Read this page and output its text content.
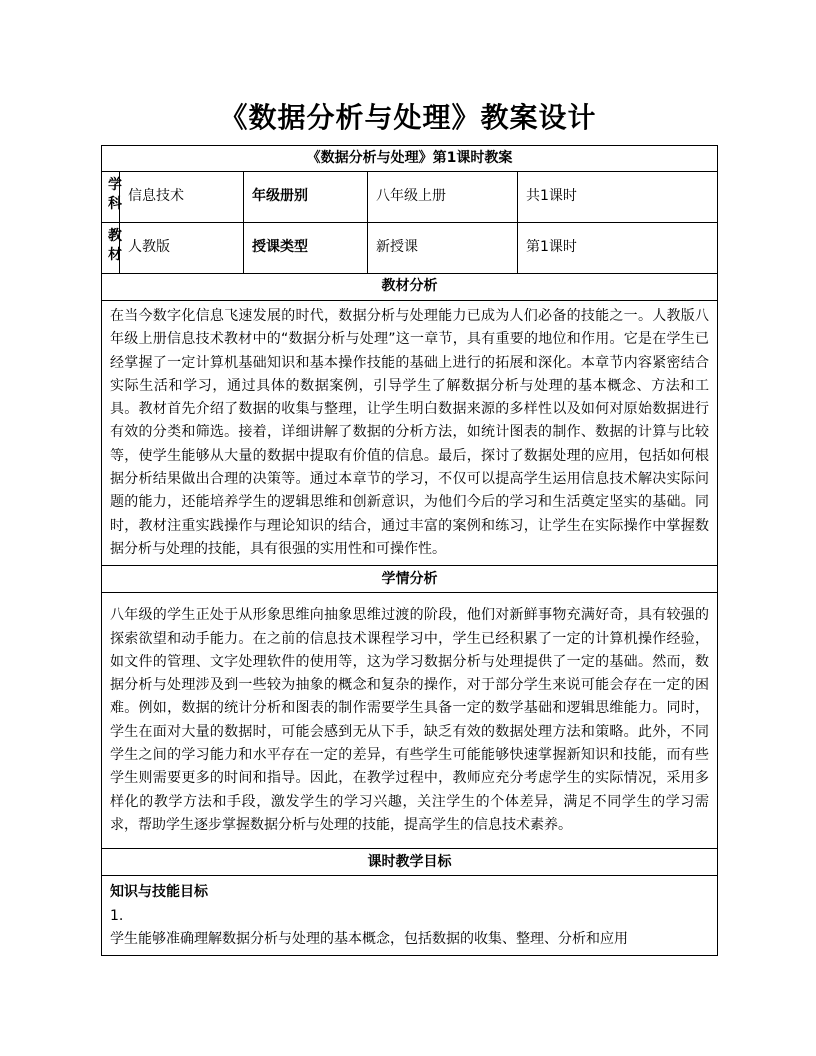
《数据分析与处理》教案设计
《数据分析与处理》第1课时教案				

学
科	信息技术	年级册别	八年级上册	共1课时

教
材	人教版	授课类型	新授课	第1课时
教材分析				
在当今数字化信息飞速发展的时代，数据分析与处理能力已成为人们必备的技能之一。人教版八年级上册信息技术教材中的“数据分析与处理”这一章节，具有重要的地位和作用。它是在学生已经掌握了一定计算机基础知识和基本操作技能的基础上进行的拓展和深化。本章节内容紧密结合实际生活和学习，通过具体的数据案例，引导学生了解数据分析与处理的基本概念、方法和工具。教材首先介绍了数据的收集与整理，让学生明白数据来源的多样性以及如何对原始数据进行有效的分类和筛选。接着，详细讲解了数据的分析方法，如统计图表的制作、数据的计算与比较等，使学生能够从大量的数据中提取有价值的信息。最后，探讨了数据处理的应用，包括如何根据分析结果做出合理的决策等。通过本章节的学习，不仅可以提高学生运用信息技术解决实际问题的能力，还能培养学生的逻辑思维和创新意识，为他们今后的学习和生活奠定坚实的基础。同时，教材注重实践操作与理论知识的结合，通过丰富的案例和练习，让学生在实际操作中掌握数据分析与处理的技能，具有很强的实用性和可操作性。				
学情分析				
八年级的学生正处于从形象思维向抽象思维过渡的阶段，他们对新鲜事物充满好奇，具有较强的探索欲望和动手能力。在之前的信息技术课程学习中，学生已经积累了一定的计算机操作经验，如文件的管理、文字处理软件的使用等，这为学习数据分析与处理提供了一定的基础。然而，数据分析与处理涉及到一些较为抽象的概念和复杂的操作，对于部分学生来说可能会存在一定的困难。例如，数据的统计分析和图表的制作需要学生具备一定的数学基础和逻辑思维能力。同时，学生在面对大量的数据时，可能会感到无从下手，缺乏有效的数据处理方法和策略。此外，不同学生之间的学习能力和水平存在一定的差异，有些学生可能能够快速掌握新知识和技能，而有些学生则需要更多的时间和指导。因此，在教学过程中，教师应充分考虑学生的实际情况，采用多样化的教学方法和手段，激发学生的学习兴趣，关注学生的个体差异，满足不同学生的学习需求，帮助学生逐步掌握数据分析与处理的技能，提高学生的信息技术素养。				
课时教学目标				

知识与技能目标
1.
学生能够准确理解数据分析与处理的基本概念，包括数据的收集、整理、分析和应用				
